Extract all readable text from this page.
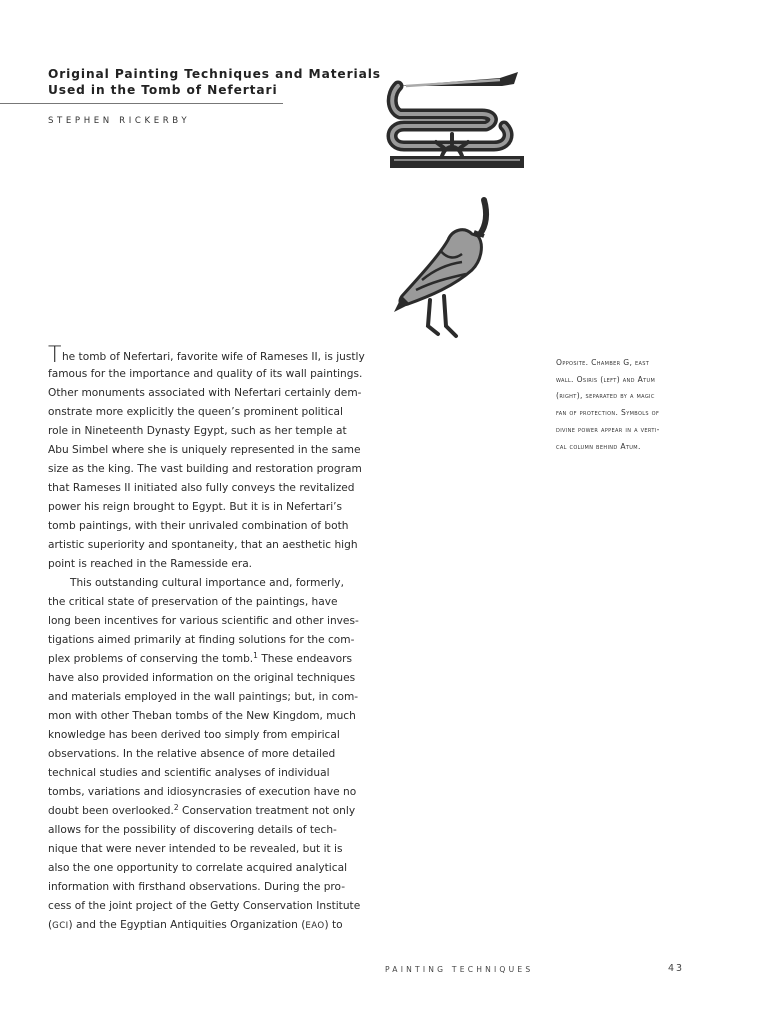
Original Painting Techniques and Materials
Used in the Tomb of Nefertari
STEPHEN RICKERBY
The tomb of Nefertari, favorite wife of Rameses II, is justly
famous for the importance and quality of its wall paintings.
Other monuments associated with Nefertari certainly dem-
onstrate more explicitly the queen’s prominent political
role in Nineteenth Dynasty Egypt, such as her temple at
Abu Simbel where she is uniquely represented in the same
size as the king. The vast building and restoration program
that Rameses II initiated also fully conveys the revitalized
power his reign brought to Egypt. But it is in Nefertari’s
tomb paintings, with their unrivaled combination of both
artistic superiority and spontaneity, that an aesthetic high
point is reached in the Ramesside era.
This outstanding cultural importance and, formerly,
the critical state of preservation of the paintings, have
long been incentives for various scientific and other inves-
tigations aimed primarily at finding solutions for the com-
plex problems of conserving the tomb.$^1$ These endeavors
have also provided information on the original techniques
and materials employed in the wall paintings; but, in com-
mon with other Theban tombs of the New Kingdom, much
knowledge has been derived too simply from empirical
observations. In the relative absence of more detailed
technical studies and scientific analyses of individual
tombs, variations and idiosyncrasies of execution have no
doubt been overlooked.$^2$ Conservation treatment not only
allows for the possibility of discovering details of tech-
nique that were never intended to be revealed, but it is
also the one opportunity to correlate acquired analytical
information with firsthand observations. During the pro-
cess of the joint project of the Getty Conservation Institute
(GCI) and the Egyptian Antiquities Organization (EAO) to
Opposite. Chamber G, east
wall. Osiris (left) and Atum
(right), separated by a magic
fan of protection. Symbols of
divine power appear in a verti-
cal column behind Atum.
PAINTING TECHNIQUES	43
